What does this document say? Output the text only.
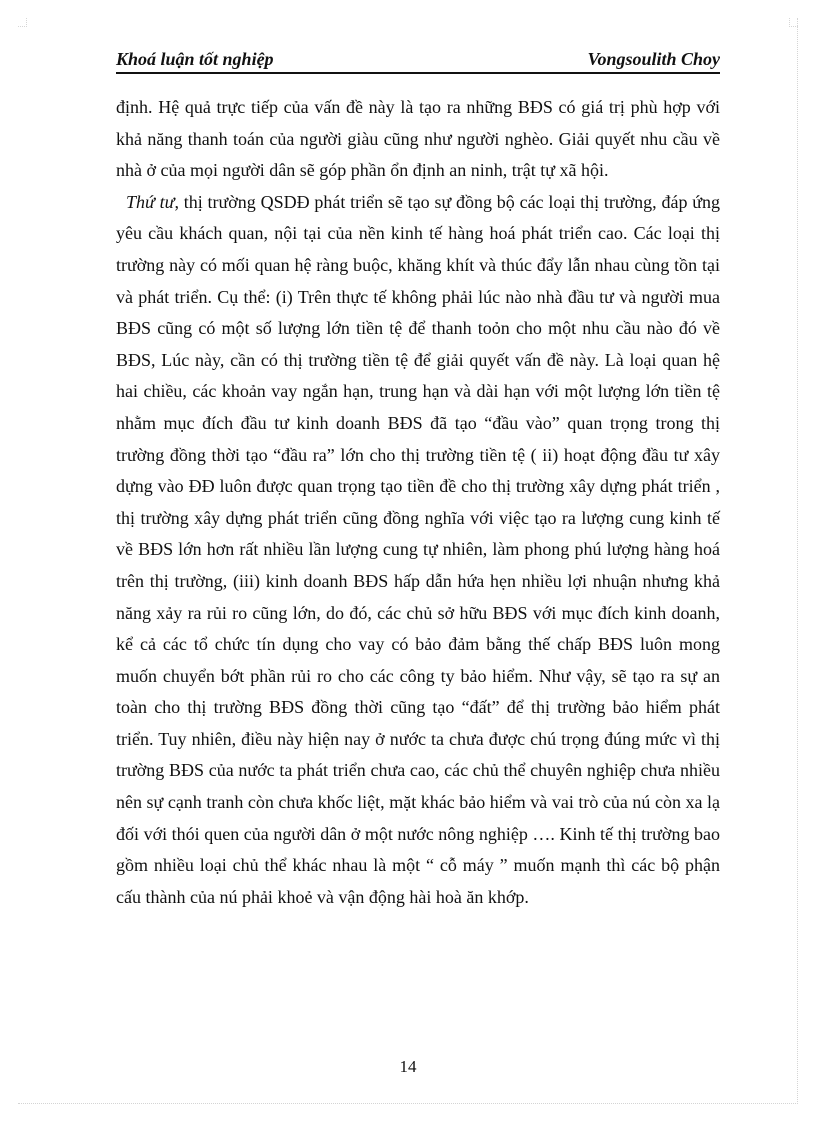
Khoá luận tốt nghiệp	Vongsoulith Choy

định. Hệ quả trực tiếp của vấn đề này là tạo ra những BĐS có giá trị phù hợp với khả năng thanh toán của người giàu cũng như người nghèo. Giải quyết nhu cầu về nhà ở của mọi người dân sẽ góp phần ổn định an ninh, trật tự xã hội.

Thứ tư, thị trường QSDĐ phát triển sẽ tạo sự đồng bộ các loại thị trường, đáp ứng yêu cầu khách quan, nội tại của nền kinh tế hàng hoá phát triển cao. Các loại thị trường này có mối quan hệ ràng buộc, khăng khít và thúc đẩy lẫn nhau cùng tồn tại và phát triển. Cụ thể: (i) Trên thực tế không phải lúc nào nhà đầu tư và người mua BĐS cũng có một số lượng lớn tiền tệ để thanh toỏn cho một nhu cầu nào đó về BĐS, Lúc này, cần có thị trường tiền tệ để giải quyết vấn đề này. Là loại quan hệ hai chiều, các khoản vay ngắn hạn, trung hạn và dài hạn với một lượng lớn tiền tệ nhằm mục đích đầu tư kinh doanh BĐS đã tạo “đầu vào” quan trọng trong thị trường đồng thời tạo “đầu ra” lớn cho thị trường tiền tệ ( ii) hoạt động đầu tư xây dựng vào ĐĐ luôn được quan trọng tạo tiền đề cho thị trường xây dựng phát triển , thị trường xây dựng phát triển cũng đồng nghĩa với việc tạo ra lượng cung kinh tế về BĐS lớn hơn rất nhiều lần lượng cung tự nhiên, làm phong phú lượng hàng hoá trên thị trường, (iii) kinh doanh BĐS hấp dẫn hứa hẹn nhiều lợi nhuận nhưng khả năng xảy ra rủi ro cũng lớn, do đó, các chủ sở hữu BĐS với mục đích kinh doanh, kể cả các tổ chức tín dụng cho vay có bảo đảm bằng thế chấp BĐS luôn mong muốn chuyển bớt phần rủi ro cho các công ty bảo hiểm. Như vậy, sẽ tạo ra sự an toàn cho thị trường BĐS đồng thời cũng tạo “đất” để thị trường bảo hiểm phát triển. Tuy nhiên, điều này hiện nay ở nước ta chưa được chú trọng đúng mức vì thị trường BĐS của nước ta phát triển chưa cao, các chủ thể chuyên nghiệp chưa nhiều nên sự cạnh tranh còn chưa khốc liệt, mặt khác bảo hiểm và vai trò của nú còn xa lạ đối với thói quen của người dân ở một nước nông nghiệp …. Kinh tế thị trường bao gồm nhiều loại chủ thể khác nhau là một “ cỗ máy ” muốn mạnh thì các bộ phận cấu thành của nú phải khoẻ và vận động hài hoà ăn khớp.

14
